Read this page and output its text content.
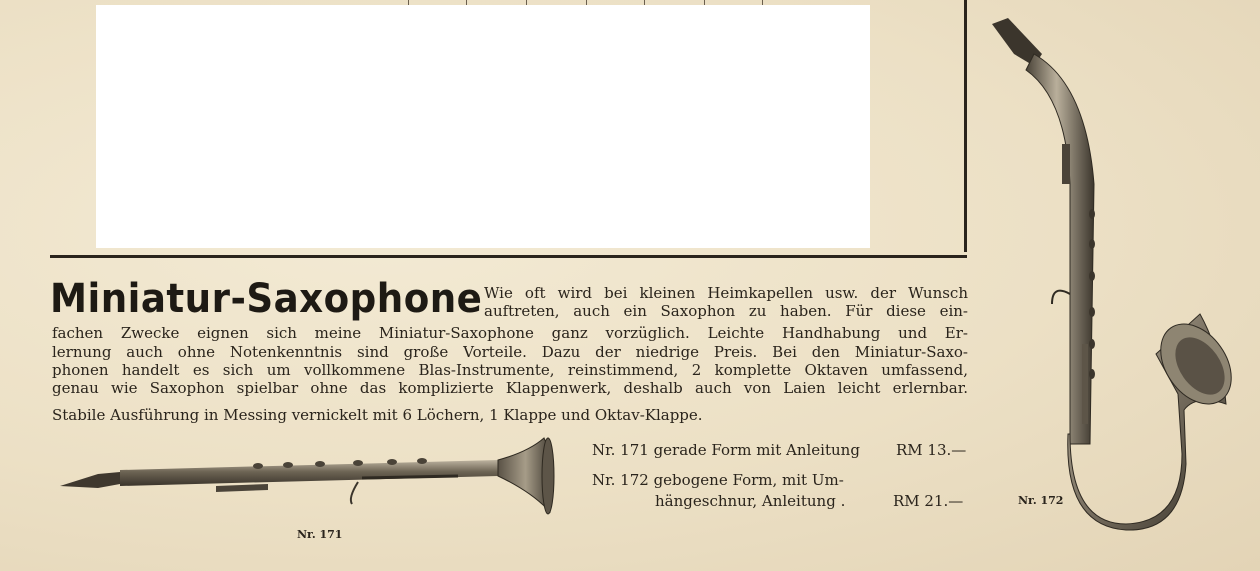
Miniatur-Saxophone Wie oft wird bei kleinen Heimkapellen usw. der Wunsch
auftreten, auch ein Saxophon zu haben. Für diese ein-
fachen Zwecke eignen sich meine Miniatur-Saxophone ganz vorzüglich. Leichte Handhabung und Er-
lernung auch ohne Notenkenntnis sind große Vorteile. Dazu der niedrige Preis. Bei den Miniatur-Saxo-
phonen handelt es sich um vollkommene Blas-Instrumente, reinstimmend, 2 komplette Oktaven umfassend,
genau wie Saxophon spielbar ohne das komplizierte Klappenwerk, deshalb auch von Laien leicht erlernbar.
Stabile Ausführung in Messing vernickelt mit 6 Löchern, 1 Klappe und Oktav-Klappe.
Nr. 171 gerade Form mit Anleitung RM 13.—
Nr. 172 gebogene Form, mit Um-
hängeschnur, Anleitung .	RM 21.—
Nr. 171
Nr. 172
